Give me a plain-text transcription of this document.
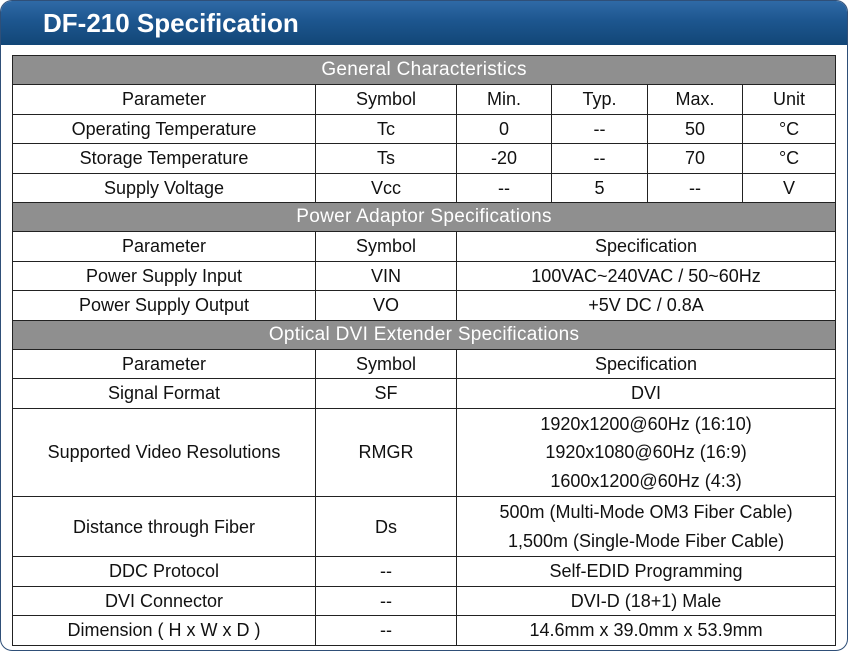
DF-210 Specification
General Characteristics					
Parameter	Symbol	Min.	Typ.	Max.	Unit
Operating Temperature	Tc	0	--	50	°C
Storage Temperature	Ts	-20	--	70	°C
Supply Voltage	Vcc	--	5	--	V
Power Adaptor Specifications					
Parameter	Symbol	Specification			
Power Supply Input	VIN	100VAC~240VAC / 50~60Hz			
Power Supply Output	VO	+5V DC / 0.8A			
Optical DVI Extender Specifications					
Parameter	Symbol	Specification			
Signal Format	SF	DVI			
Supported Video Resolutions	RMGR	1920x1200@60Hz (16:10)
1920x1080@60Hz (16:9)
1600x1200@60Hz (4:3)			

Distance through Fiber	Ds	500m (Multi-Mode OM3 Fiber Cable)
1,500m (Single-Mode Fiber Cable)			

DDC Protocol	--	Self-EDID Programming			
DVI Connector	--	DVI-D (18+1) Male			
Dimension ( H x W x D )	--	14.6mm x 39.0mm x 53.9mm			
